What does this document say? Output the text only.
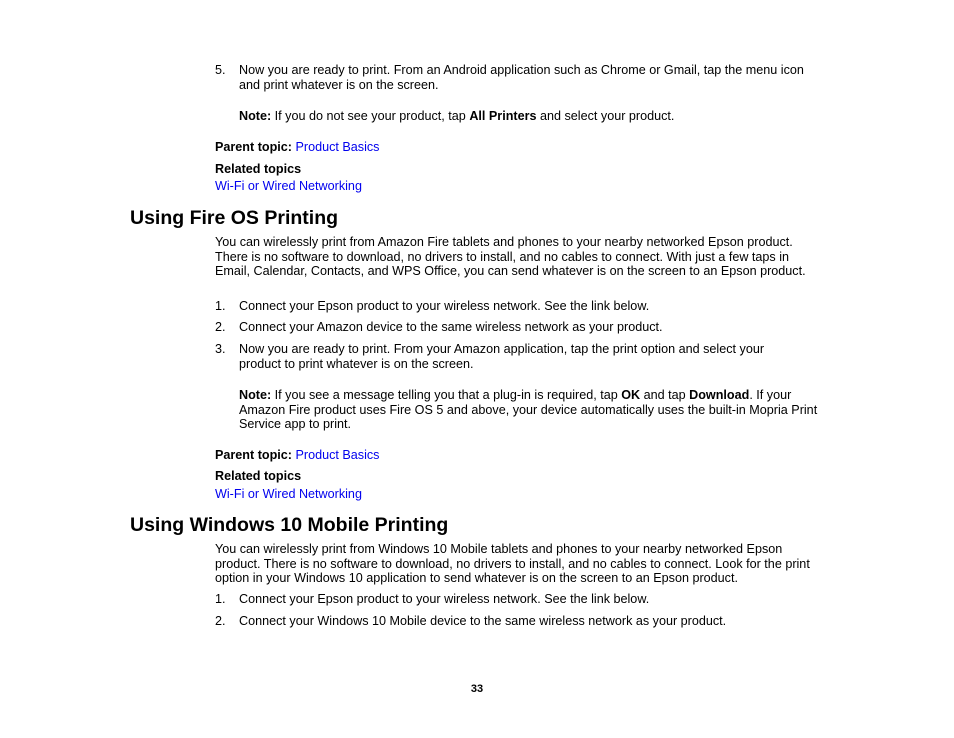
5. Now you are ready to print. From an Android application such as Chrome or Gmail, tap the menu icon and print whatever is on the screen.
Note: If you do not see your product, tap All Printers and select your product.
Parent topic: Product Basics
Related topics
Wi-Fi or Wired Networking
Using Fire OS Printing
You can wirelessly print from Amazon Fire tablets and phones to your nearby networked Epson product. There is no software to download, no drivers to install, and no cables to connect. With just a few taps in Email, Calendar, Contacts, and WPS Office, you can send whatever is on the screen to an Epson product.
1. Connect your Epson product to your wireless network. See the link below.
2. Connect your Amazon device to the same wireless network as your product.
3. Now you are ready to print. From your Amazon application, tap the print option and select your product to print whatever is on the screen.
Note: If you see a message telling you that a plug-in is required, tap OK and tap Download. If your Amazon Fire product uses Fire OS 5 and above, your device automatically uses the built-in Mopria Print Service app to print.
Parent topic: Product Basics
Related topics
Wi-Fi or Wired Networking
Using Windows 10 Mobile Printing
You can wirelessly print from Windows 10 Mobile tablets and phones to your nearby networked Epson product. There is no software to download, no drivers to install, and no cables to connect. Look for the print option in your Windows 10 application to send whatever is on the screen to an Epson product.
1. Connect your Epson product to your wireless network. See the link below.
2. Connect your Windows 10 Mobile device to the same wireless network as your product.
33
